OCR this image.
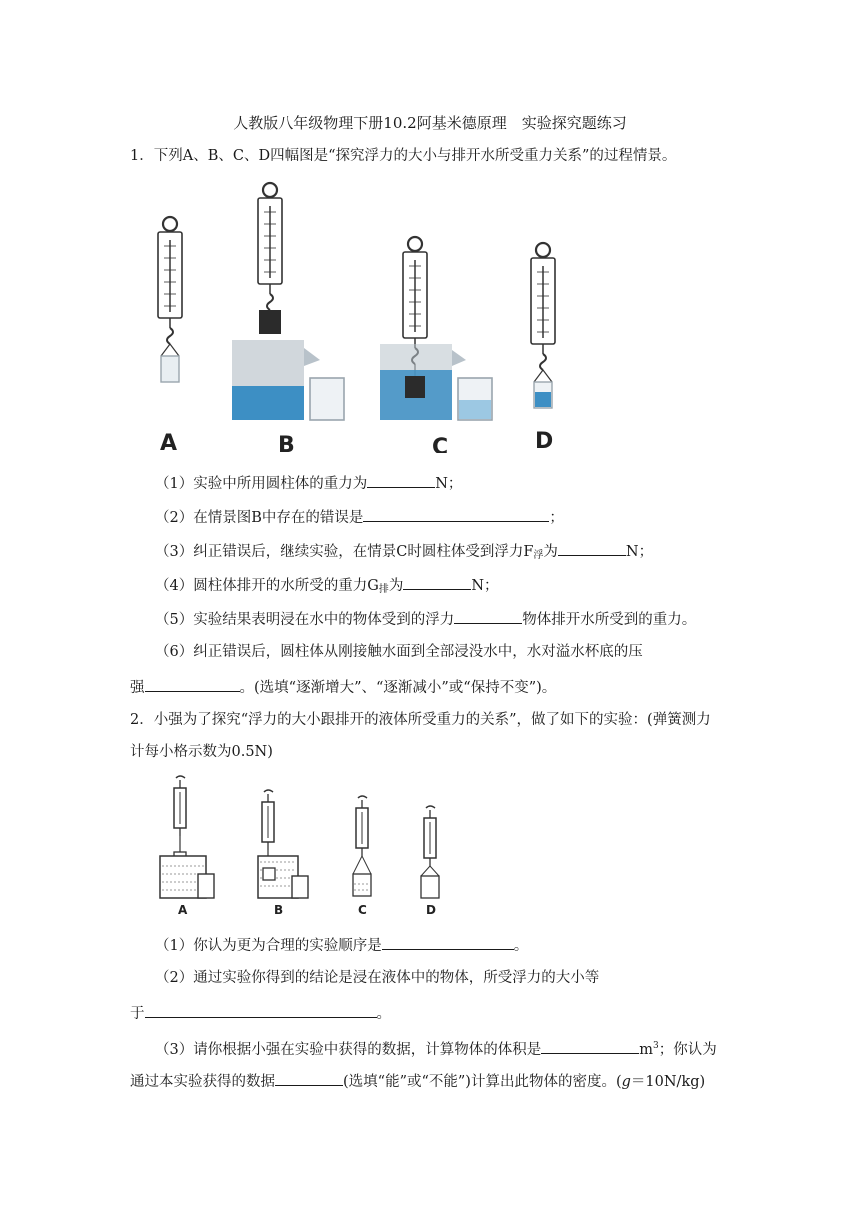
人教版八年级物理下册10.2阿基米德原理　实验探究题练习
1．下列A、B、C、D四幅图是“探究浮力的大小与排开水所受重力关系”的过程情景。
A	B	C	D
（1）实验中所用圆柱体的重力为	N；
（2）在情景图B中存在的错误是	；
（3）纠正错误后，继续实验，在情景C时圆柱体受到浮力$F_浮$为	N；
（4）圆柱体排开的水所受的重力$G_排$为	N；
（5）实验结果表明浸在水中的物体受到的浮力	物体排开水所受到的重力。
（6）纠正错误后，圆柱体从刚接触水面到全部浸没水中，水对溢水杯底的压
强	。(选填“逐渐增大”、“逐渐减小”或“保持不变”)。
2．小强为了探究“浮力的大小跟排开的液体所受重力的关系”，做了如下的实验：(弹簧测力
计每小格示数为0.5N)
A	B	C	D
（1）你认为更为合理的实验顺序是	。
（2）通过实验你得到的结论是浸在液体中的物体，所受浮力的大小等
于	。
（3）请你根据小强在实验中获得的数据，计算物体的体积是	$m^3$；你认为
通过本实验获得的数据	(选填“能”或“不能”)计算出此物体的密度。(g＝10N/kg)
